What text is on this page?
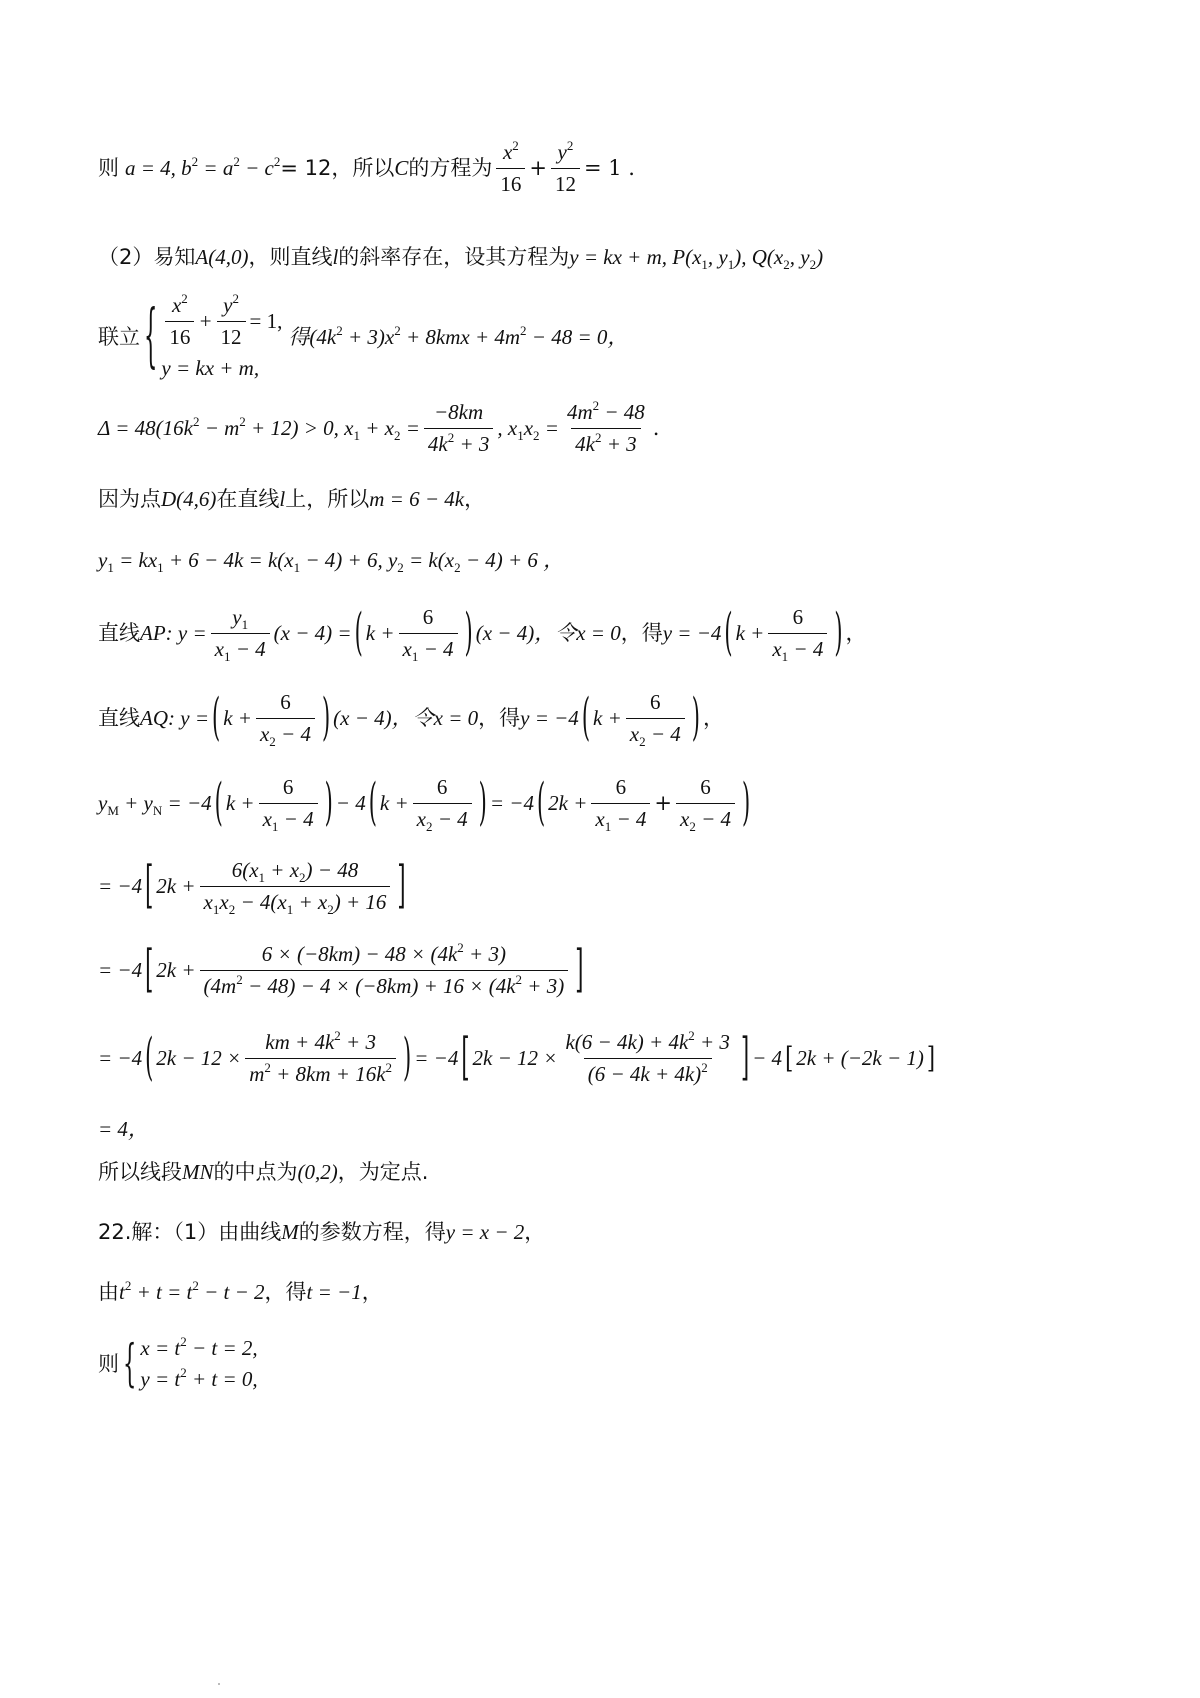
则 a = 4, $b^2 = a^2 - c^2 = 12$，所以 C 的方程为 $\frac{x^2}{16} + \frac{y^2}{12} = 1$ .
（2）易知 A(4,0) ，则直线 l 的斜率存在，设其方程为 y = kx + m, $P(x_1$, $y_1$), $Q(x_2$, $y_2$)
联立 { $\frac{x^2}{16} + \frac{y^2}{12} = 1$,
y = kx + m,
得$(4k^2 + 3)x^2 + 8kmx + 4m^2 - 48 = 0$，
$\Delta = 48(16k^2 - m^2 + 12) > 0$, $x_1 + x_2 = \frac{-8km}{4k^2 + 3}$ , $x_1x_2 = \frac{4m^2 - 48}{4k^2 + 3}$ .
因为点 D(4,6) 在直线 l 上，所以 m = 6 − 4k ，
$y_1 = kx_1 + 6 - 4k = k(x_1 - 4) + 6$, $y_2 = k(x_2 - 4) + 6$ ，
直线 AP : $y = \frac{y_1}{x_1 - 4} (x - 4)$ = ( $k + \frac{6}{x_1 - 4}$ ) (x − 4)，令 x = 0 ，得 y = −4 ( $k + \frac{6}{x_1 - 4}$ ) ，
直线 AQ : y = ( $k + \frac{6}{x_2 - 4}$ ) (x − 4)，令 x = 0 ，得 y = −4 ( $k + \frac{6}{x_2 - 4}$ ) ，
$y_M + y_N = -4$ ( $k + \frac{6}{x_1 - 4}$ ) − 4 ( $k + \frac{6}{x_2 - 4}$ ) = −4 ( $2k + \frac{6}{x_1 - 4} + \frac{6}{x_2 - 4}$ )
= −4 [ $2k + \frac{6(x_1 + x_2) - 48}{x_1x_2 - 4(x_1 + x_2) + 16}$ ]
= −4 [ $2k + \frac{6 \times (-8km) - 48 \times (4k^2 + 3)}{(4m^2 - 48) - 4 \times (-8km) + 16 \times (4k^2 + 3)}$ ]
= −4 ( $2k - 12 \times \frac{km + 4k^2 + 3}{m^2 + 8km + 16k^2}$ ) = −4 [ $2k - 12 \times \frac{k(6 - 4k) + 4k^2 + 3}{(6 - 4k + 4k)^2}$ ] − 4 [ 2k + (−2k − 1) ]
= 4，
所以线段 MN 的中点为 (0,2) ，为定点.
22.解：（1）由曲线 M 的参数方程，得 y = x − 2 ，
由 $t^2 + t = t^2 - t - 2$ ，得 t = −1 ，
则 { $x = t^2 - t = 2$,
$y = t^2 + t = 0$,
